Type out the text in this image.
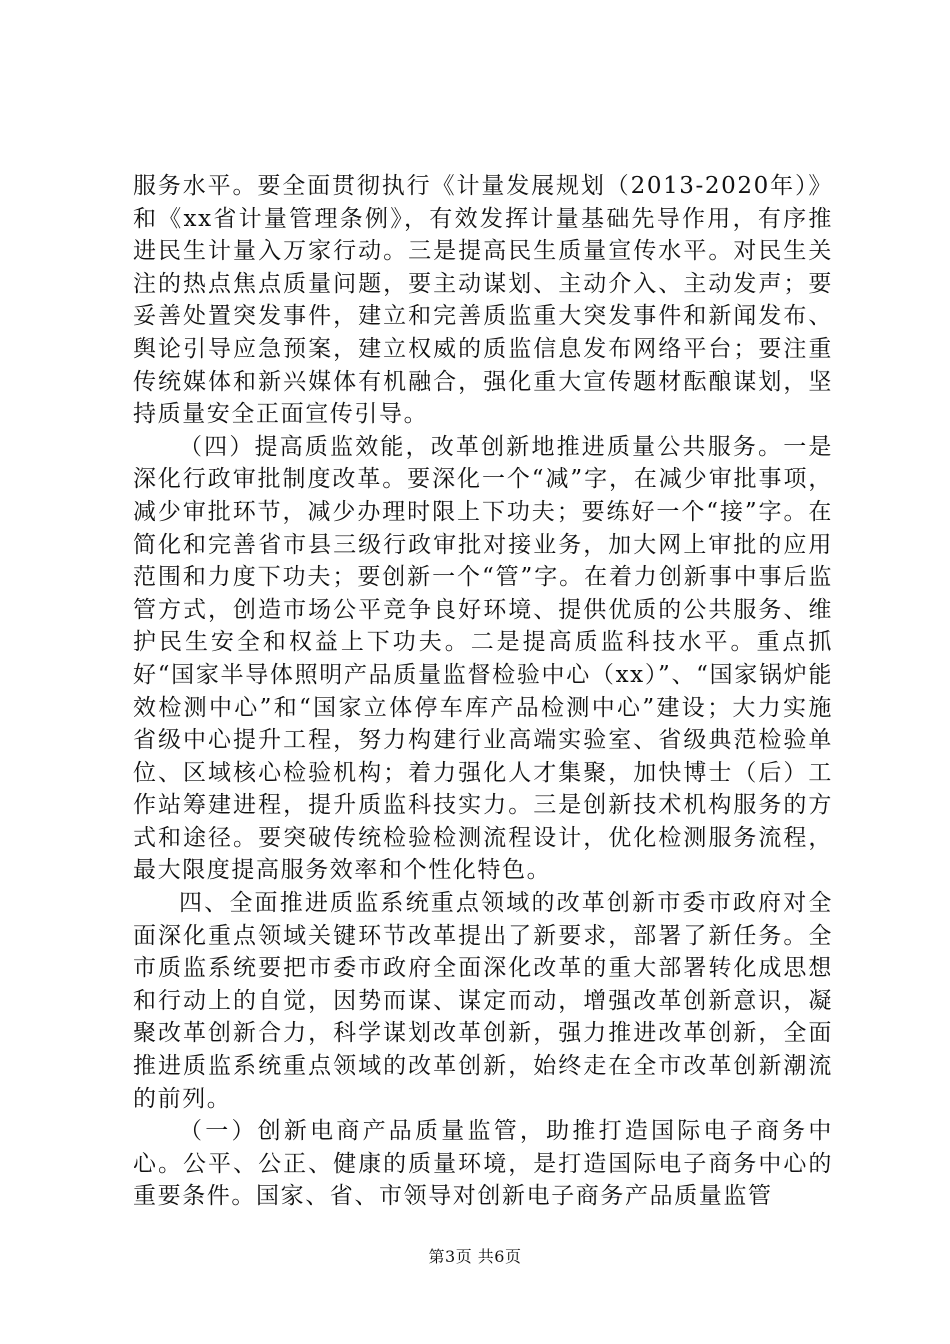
服务水平。要全面贯彻执行《计量发展规划（2013-2020年）》和《xx省计量管理条例》，有效发挥计量基础先导作用，有序推进民生计量入万家行动。三是提高民生质量宣传水平。对民生关注的热点焦点质量问题，要主动谋划、主动介入、主动发声；要妥善处置突发事件，建立和完善质监重大突发事件和新闻发布、舆论引导应急预案，建立权威的质监信息发布网络平台；要注重传统媒体和新兴媒体有机融合，强化重大宣传题材酝酿谋划，坚持质量安全正面宣传引导。

（四）提高质监效能，改革创新地推进质量公共服务。一是深化行政审批制度改革。要深化一个“减”字，在减少审批事项，减少审批环节，减少办理时限上下功夫；要练好一个“接”字。在简化和完善省市县三级行政审批对接业务，加大网上审批的应用范围和力度下功夫；要创新一个“管”字。在着力创新事中事后监管方式，创造市场公平竞争良好环境、提供优质的公共服务、维护民生安全和权益上下功夫。二是提高质监科技水平。重点抓好“国家半导体照明产品质量监督检验中心（xx）”、“国家锅炉能效检测中心”和“国家立体停车库产品检测中心”建设；大力实施省级中心提升工程，努力构建行业高端实验室、省级典范检验单位、区域核心检验机构；着力强化人才集聚，加快博士（后）工作站筹建进程，提升质监科技实力。三是创新技术机构服务的方式和途径。要突破传统检验检测流程设计，优化检测服务流程，最大限度提高服务效率和个性化特色。

四、全面推进质监系统重点领域的改革创新市委市政府对全面深化重点领域关键环节改革提出了新要求，部署了新任务。全市质监系统要把市委市政府全面深化改革的重大部署转化成思想和行动上的自觉，因势而谋、谋定而动，增强改革创新意识，凝聚改革创新合力，科学谋划改革创新，强力推进改革创新，全面推进质监系统重点领域的改革创新，始终走在全市改革创新潮流的前列。

（一）创新电商产品质量监管，助推打造国际电子商务中心。公平、公正、健康的质量环境，是打造国际电子商务中心的重要条件。国家、省、市领导对创新电子商务产品质量监管

第3页 共6页
